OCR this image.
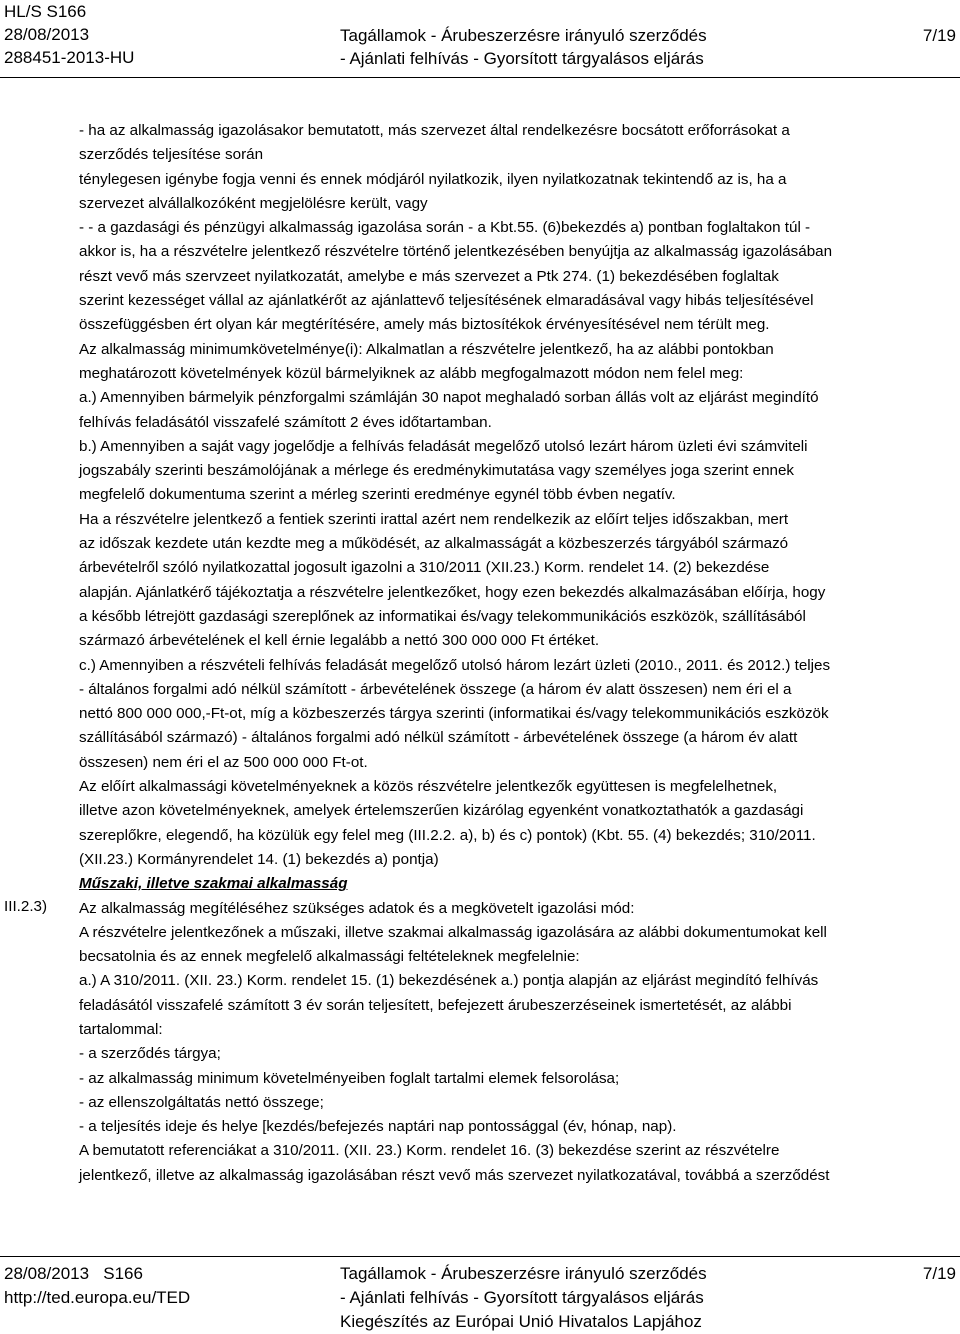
HL/S S166
28/08/2013
288451-2013-HU
Tagállamok - Árubeszerzésre irányuló szerződés
- Ajánlati felhívás - Gyorsított tárgyalásos eljárás
7/19
III.2.3)

- ha az alkalmasság igazolásakor bemutatott, más szervezet által rendelkezésre bocsátott erőforrásokat a

szerződés teljesítése során

ténylegesen igénybe fogja venni és ennek módjáról nyilatkozik, ilyen nyilatkozatnak tekintendő az is, ha a

szervezet alvállalkozóként megjelölésre került, vagy

- - a gazdasági és pénzügyi alkalmasság igazolása során - a Kbt.55. (6)bekezdés a) pontban foglaltakon túl -

akkor is, ha a részvételre jelentkező részvételre történő jelentkezésében benyújtja az alkalmasság igazolásában

részt vevő más szervzeet nyilatkozatát, amelybe e más szervezet a Ptk 274. (1) bekezdésében foglaltak

szerint kezességet vállal az ajánlatkérőt az ajánlattevő teljesítésének elmaradásával vagy hibás teljesítésével

összefüggésben ért olyan kár megtérítésére, amely más biztosítékok érvényesítésével nem térült meg.

Az alkalmasság minimumkövetelménye(i): Alkalmatlan a részvételre jelentkező, ha az alábbi pontokban

meghatározott követelmények közül bármelyiknek az alább megfogalmazott módon nem felel meg:

a.) Amennyiben bármelyik pénzforgalmi számláján 30 napot meghaladó sorban állás volt az eljárást megindító

felhívás feladásától visszafelé számított 2 éves időtartamban.

b.) Amennyiben a saját vagy jogelődje a felhívás feladását megelőző utolsó lezárt három üzleti évi számviteli

jogszabály szerinti beszámolójának a mérlege és eredménykimutatása vagy személyes joga szerint ennek

megfelelő dokumentuma szerint a mérleg szerinti eredménye egynél több évben negatív.

Ha a részvételre jelentkező a fentiek szerinti irattal azért nem rendelkezik az előírt teljes időszakban, mert

az időszak kezdete után kezdte meg a működését, az alkalmasságát a közbeszerzés tárgyából származó

árbevételről szóló nyilatkozattal jogosult igazolni a 310/2011 (XII.23.) Korm. rendelet 14. (2) bekezdése

alapján. Ajánlatkérő tájékoztatja a részvételre jelentkezőket, hogy ezen bekezdés alkalmazásában előírja, hogy

a később létrejött gazdasági szereplőnek az informatikai és/vagy telekommunikációs eszközök, szállításából

származó árbevételének el kell érnie legalább a nettó 300 000 000 Ft értéket.

c.) Amennyiben a részvételi felhívás feladását megelőző utolsó három lezárt üzleti (2010., 2011. és 2012.) teljes

- általános forgalmi adó nélkül számított - árbevételének összege (a három év alatt összesen) nem éri el a

nettó 800 000 000,-Ft-ot, míg a közbeszerzés tárgya szerinti (informatikai és/vagy telekommunikációs eszközök

szállításából származó) - általános forgalmi adó nélkül számított - árbevételének összege (a három év alatt

összesen) nem éri el az 500 000 000 Ft-ot.

Az előírt alkalmassági követelményeknek a közös részvételre jelentkezők együttesen is megfelelhetnek,

illetve azon követelményeknek, amelyek értelemszerűen kizárólag egyenként vonatkoztathatók a gazdasági

szereplőkre, elegendő, ha közülük egy felel meg (III.2.2. a), b) és c) pontok) (Kbt. 55. (4) bekezdés; 310/2011.

(XII.23.) Kormányrendelet 14. (1) bekezdés a) pontja)

Műszaki, illetve szakmai alkalmasság

Az alkalmasság megítéléséhez szükséges adatok és a megkövetelt igazolási mód:

A részvételre jelentkezőnek a műszaki, illetve szakmai alkalmasság igazolására az alábbi dokumentumokat kell

becsatolnia és az ennek megfelelő alkalmassági feltételeknek megfelelnie:

a.) A 310/2011. (XII. 23.) Korm. rendelet 15. (1) bekezdésének a.) pontja alapján az eljárást megindító felhívás

feladásától visszafelé számított 3 év során teljesített, befejezett árubeszerzéseinek ismertetését, az alábbi

tartalommal:

- a szerződés tárgya;

- az alkalmasság minimum követelményeiben foglalt tartalmi elemek felsorolása;

- az ellenszolgáltatás nettó összege;

- a teljesítés ideje és helye [kezdés/befejezés naptári nap pontossággal (év, hónap, nap).

A bemutatott referenciákat a 310/2011. (XII. 23.) Korm. rendelet 16. (3) bekezdése szerint az részvételre

jelentkező, illetve az alkalmasság igazolásában részt vevő más szervezet nyilatkozatával, továbbá a szerződést

28/08/2013 S166
http://ted.europa.eu/TED
Tagállamok - Árubeszerzésre irányuló szerződés
- Ajánlati felhívás - Gyorsított tárgyalásos eljárás
Kiegészítés az Európai Unió Hivatalos Lapjához
7/19
